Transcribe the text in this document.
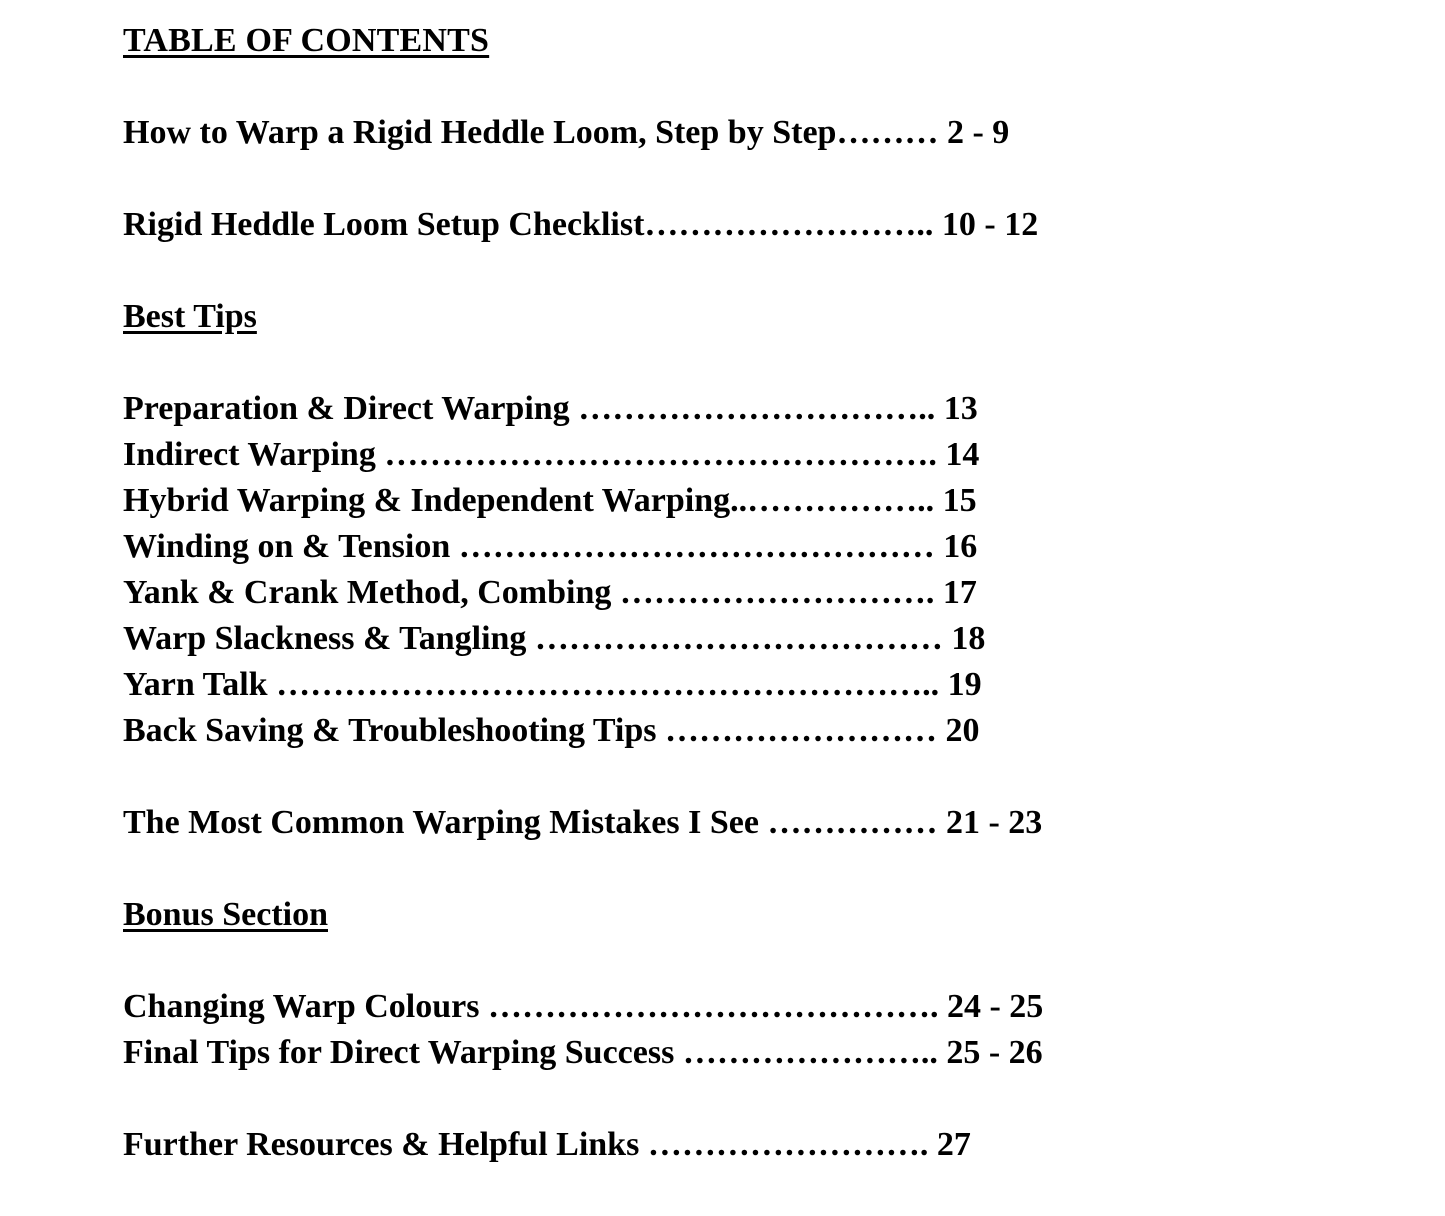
TABLE OF CONTENTS

How to Warp a Rigid Heddle Loom, Step by Step……… 2 - 9

Rigid Heddle Loom Setup Checklist…………………….. 10 - 12

Best Tips

Preparation & Direct Warping ………………………….. 13
Indirect Warping …………………………………………. 14
Hybrid Warping & Independent Warping..…………….. 15
Winding on & Tension …………………………………… 16
Yank & Crank Method, Combing ………………………. 17
Warp Slackness & Tangling ……………………………… 18
Yarn Talk ………………………………………………….. 19
Back Saving & Troubleshooting Tips …………………… 20

The Most Common Warping Mistakes I See …………… 21 - 23

Bonus Section

Changing Warp Colours …………………………………. 24 - 25
Final Tips for Direct Warping Success ………………….. 25 - 26

Further Resources & Helpful Links ……………………. 27
